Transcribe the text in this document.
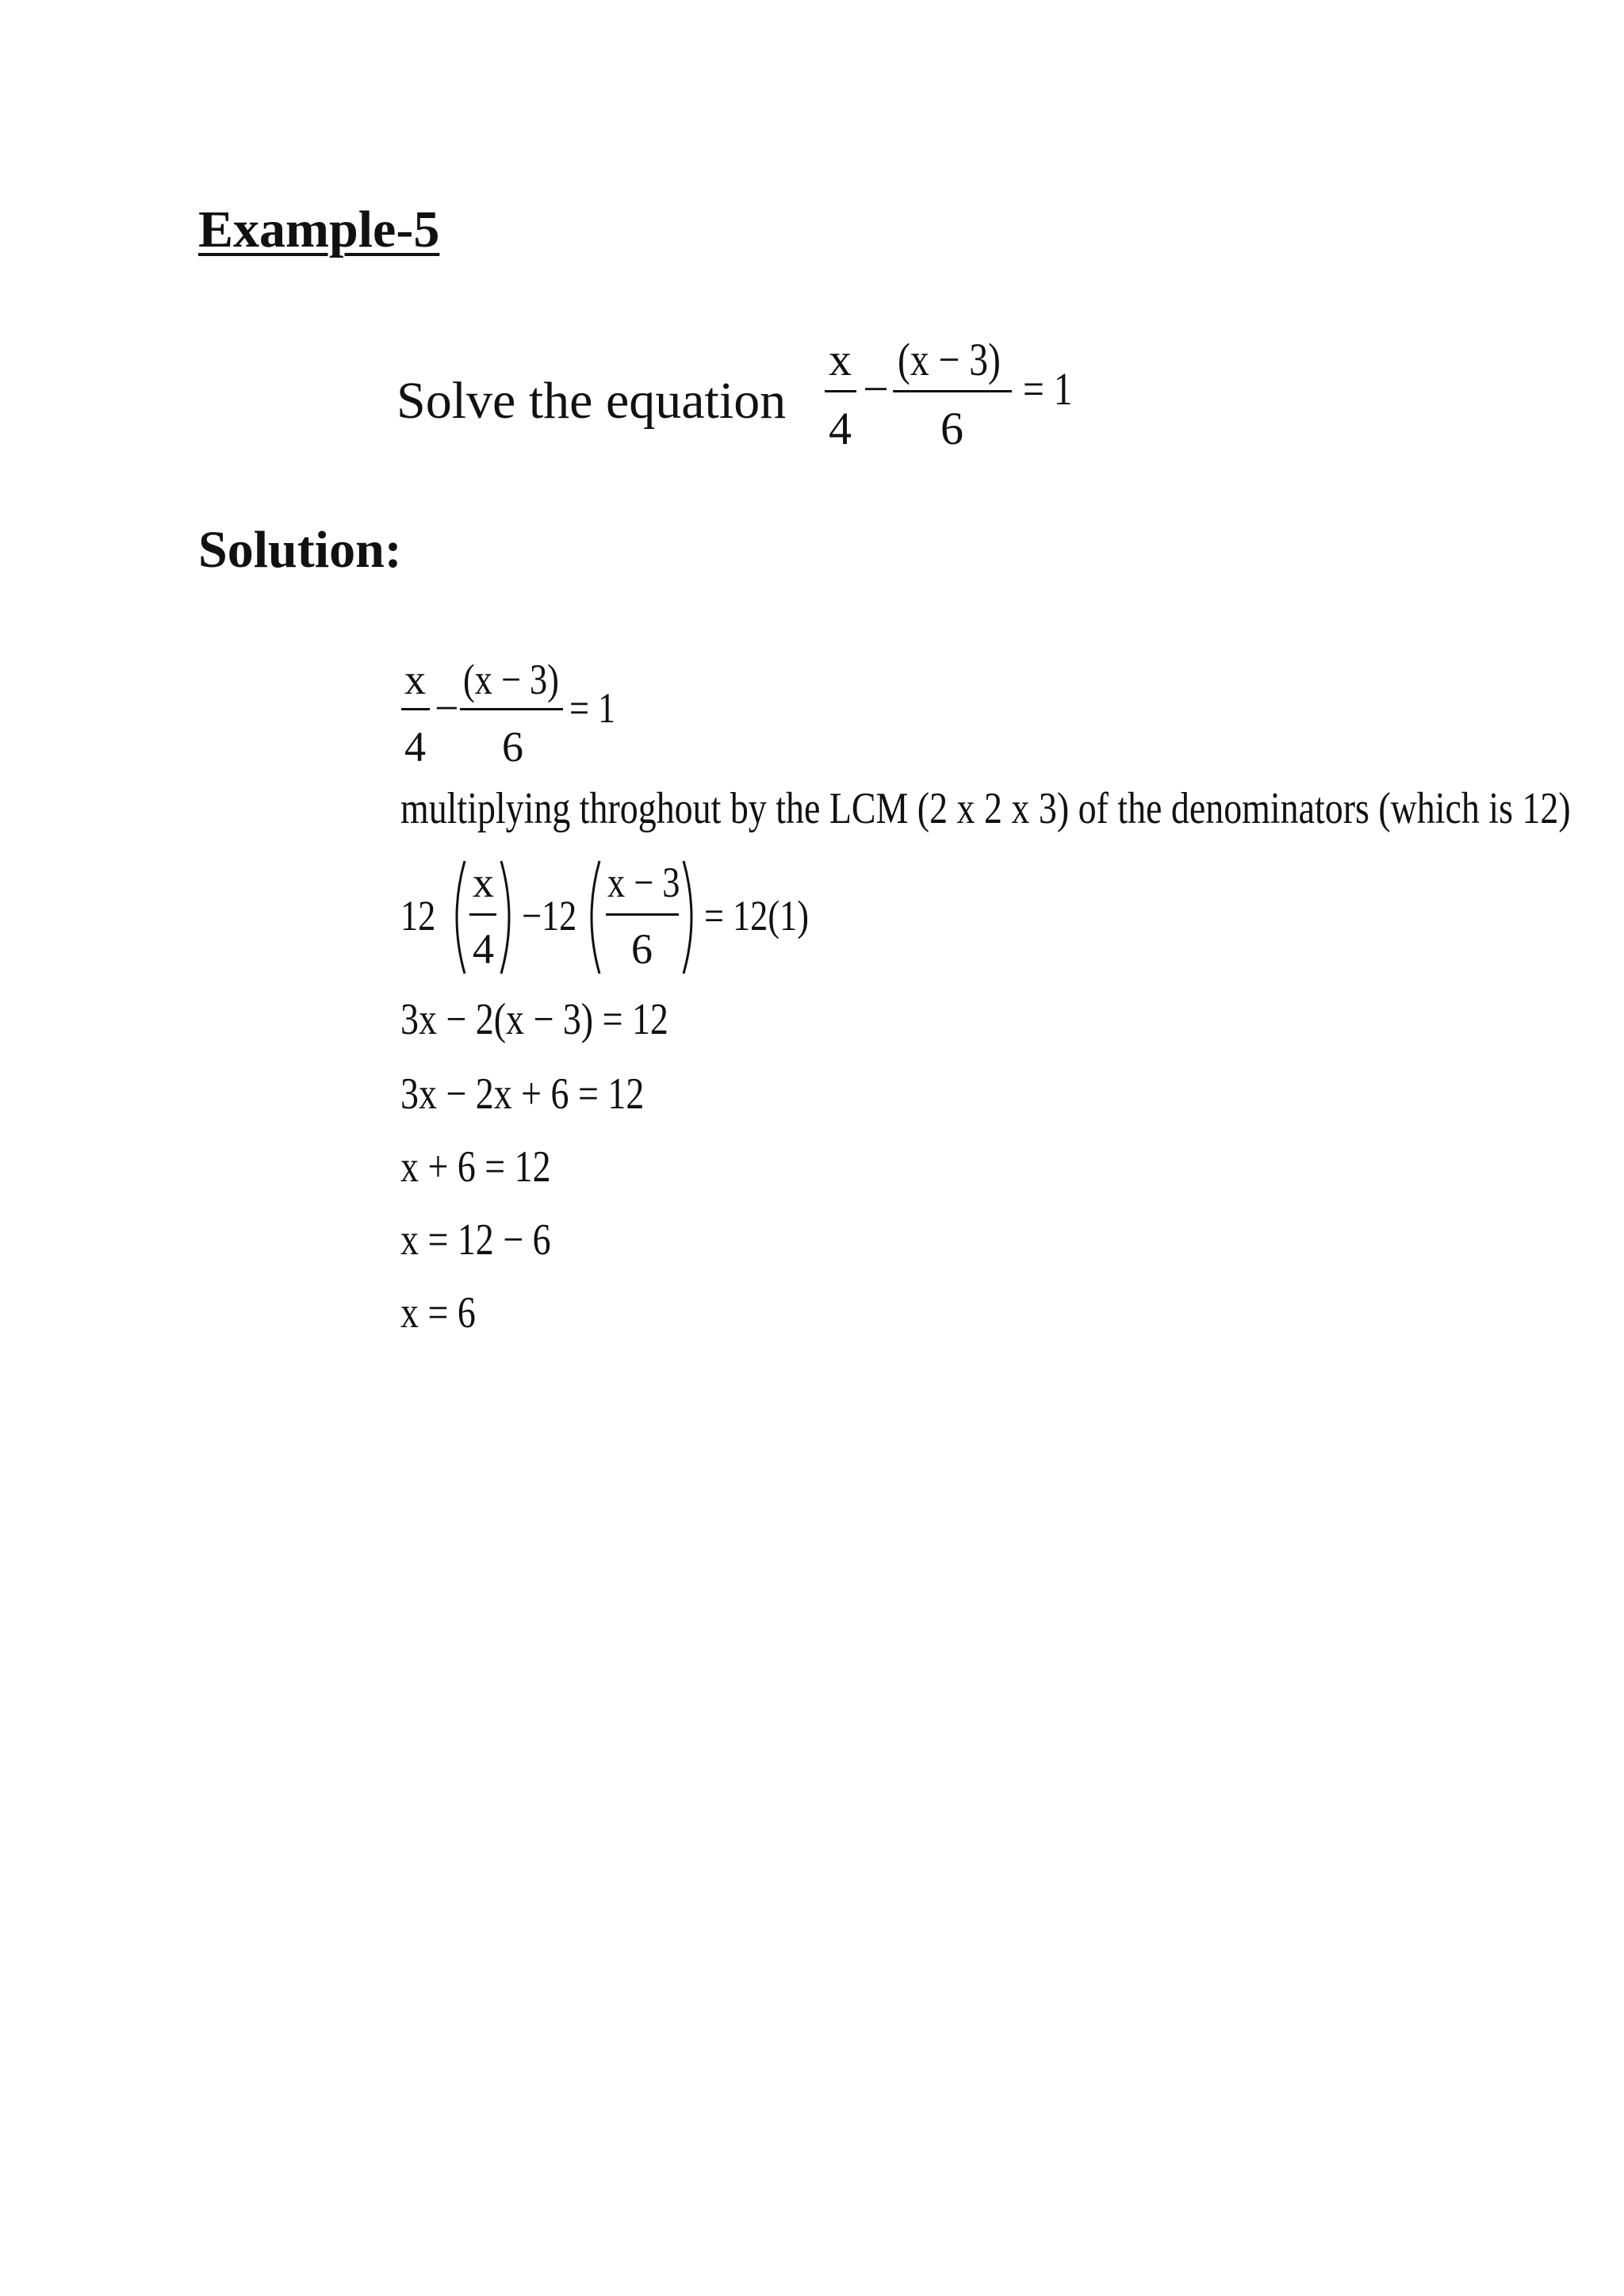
Example-5
Solve the equation
x
4
−
(x − 3)
6
= 1
Solution:
x
4
−
(x − 3)
6
= 1
multiplying throghout by the LCM (2 x 2 x 3) of the denominators (which is 12)
12
x
4
−12
x − 3
6
= 12(1)
3x − 2(x − 3) = 12
3x − 2x + 6 = 12
x + 6 = 12
x = 12 − 6
x = 6
